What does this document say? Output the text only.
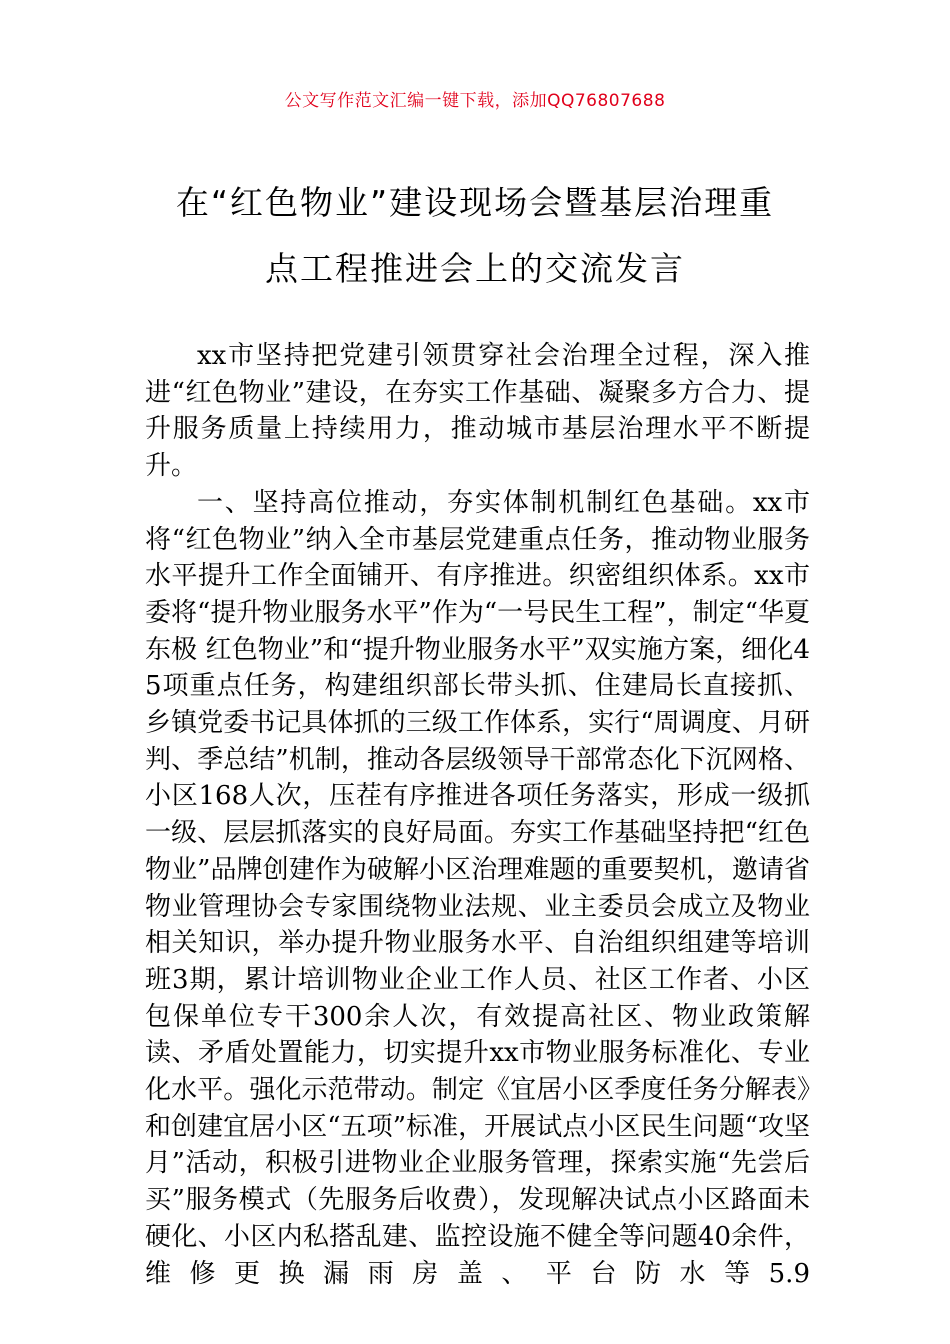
公文写作范文汇编一键下载，添加QQ76807688
在“红色物业”建设现场会暨基层治理重
点工程推进会上的交流发言

xx市坚持把党建引领贯穿社会治理全过程，深入推进“红色物业”建设，在夯实工作基础、凝聚多方合力、提升服务质量上持续用力，推动城市基层治理水平不断提升。

一、坚持高位推动，夯实体制机制红色基础。xx市将“红色物业”纳入全市基层党建重点任务，推动物业服务水平提升工作全面铺开、有序推进。织密组织体系。xx市委将“提升物业服务水平”作为“一号民生工程”，制定“华夏东极 红色物业”和“提升物业服务水平”双实施方案，细化45项重点任务，构建组织部长带头抓、住建局长直接抓、乡镇党委书记具体抓的三级工作体系，实行“周调度、月研判、季总结”机制，推动各层级领导干部常态化下沉网格、小区168人次，压茬有序推进各项任务落实，形成一级抓一级、层层抓落实的良好局面。夯实工作基础坚持把“红色物业”品牌创建作为破解小区治理难题的重要契机，邀请省物业管理协会专家围绕物业法规、业主委员会成立及物业相关知识，举办提升物业服务水平、自治组织组建等培训班3期，累计培训物业企业工作人员、社区工作者、小区包保单位专干300余人次，有效提高社区、物业政策解读、矛盾处置能力，切实提升xx市物业服务标准化、专业化水平。强化示范带动。制定《宜居小区季度任务分解表》和创建宜居小区“五项”标准，开展试点小区民生问题“攻坚月”活动，积极引进物业企业服务管理，探索实施“先尝后买”服务模式（先服务后收费），发现解决试点小区路面未硬化、小区内私搭乱建、监控设施不健全等问题40余件，维修更换漏雨房盖、平台防水等5.9
